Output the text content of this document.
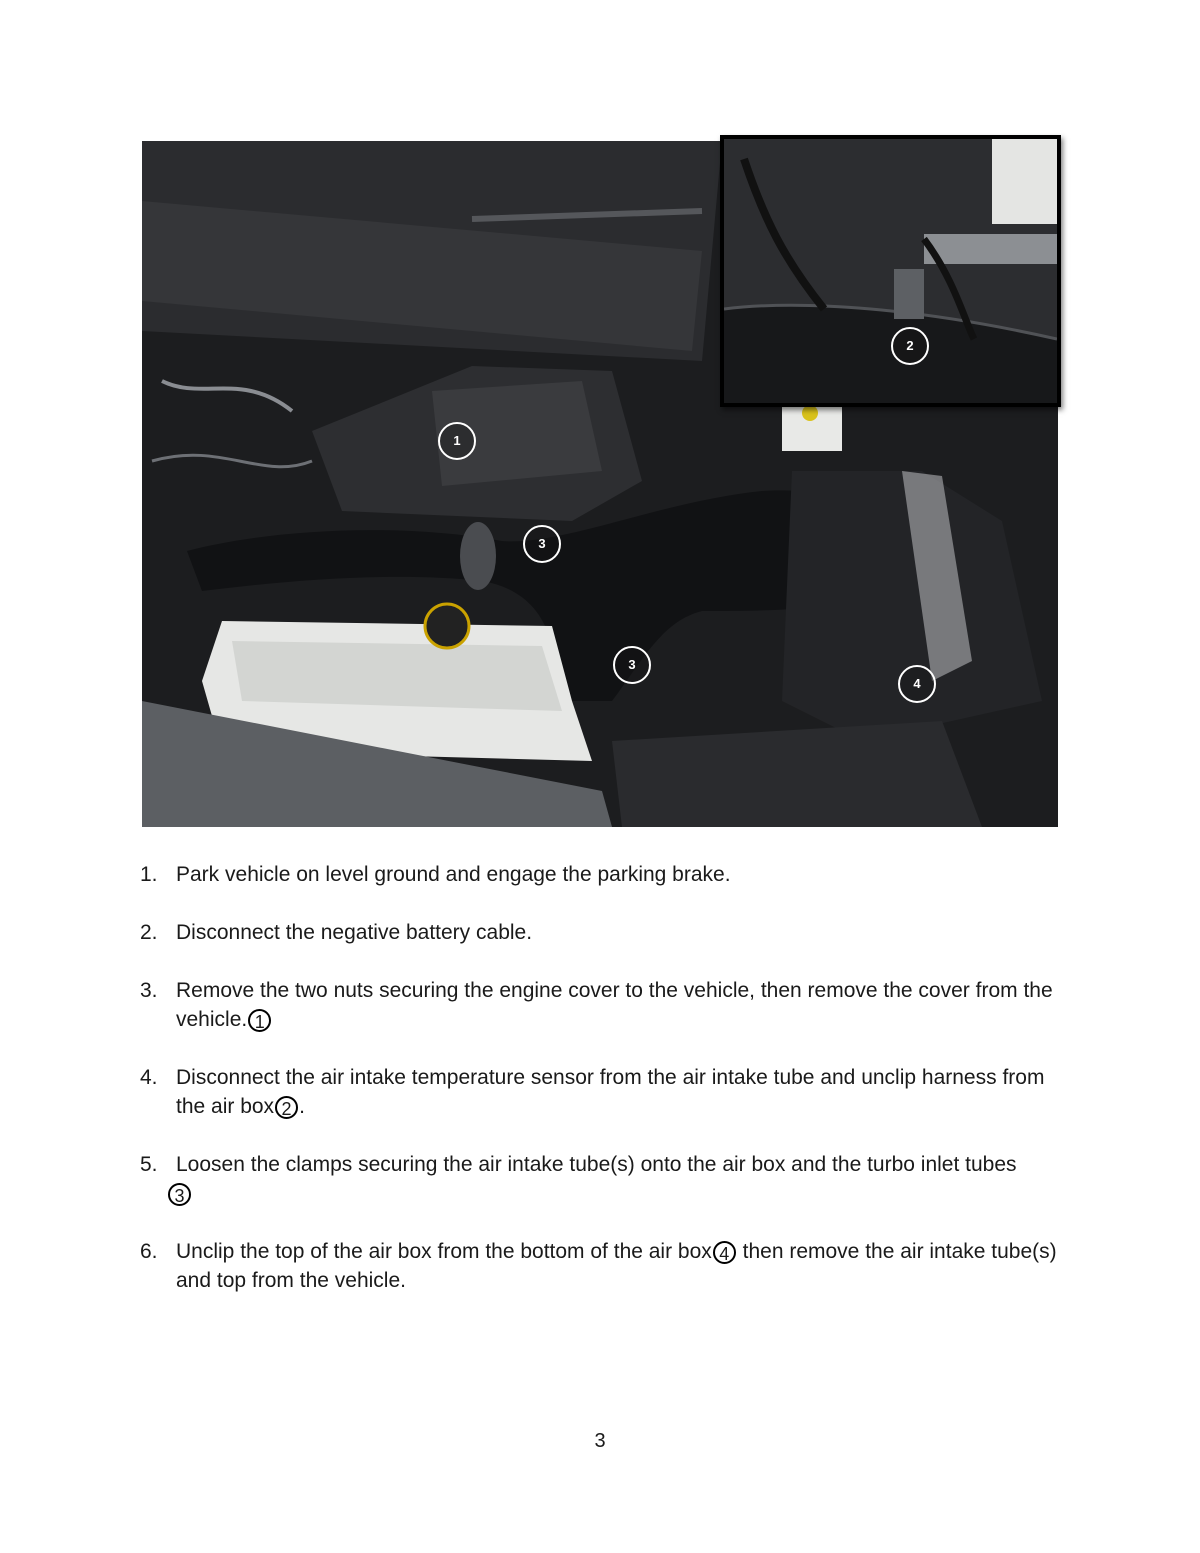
1
3
3
4
2
1. Park vehicle on level ground and engage the parking brake.
2. Disconnect the negative battery cable.
3. Remove the two nuts securing the engine cover to the vehicle, then remove the cover from the vehicle. 1
4. Disconnect the air intake temperature sensor from the air intake tube and unclip harness from the air box 2 .
5. Loosen the clamps securing the air intake tube(s) onto the air box and the turbo inlet tubes
3
6. Unclip the top of the air box from the bottom of the air box 4 then remove the air intake tube(s) and top from the vehicle.
3
